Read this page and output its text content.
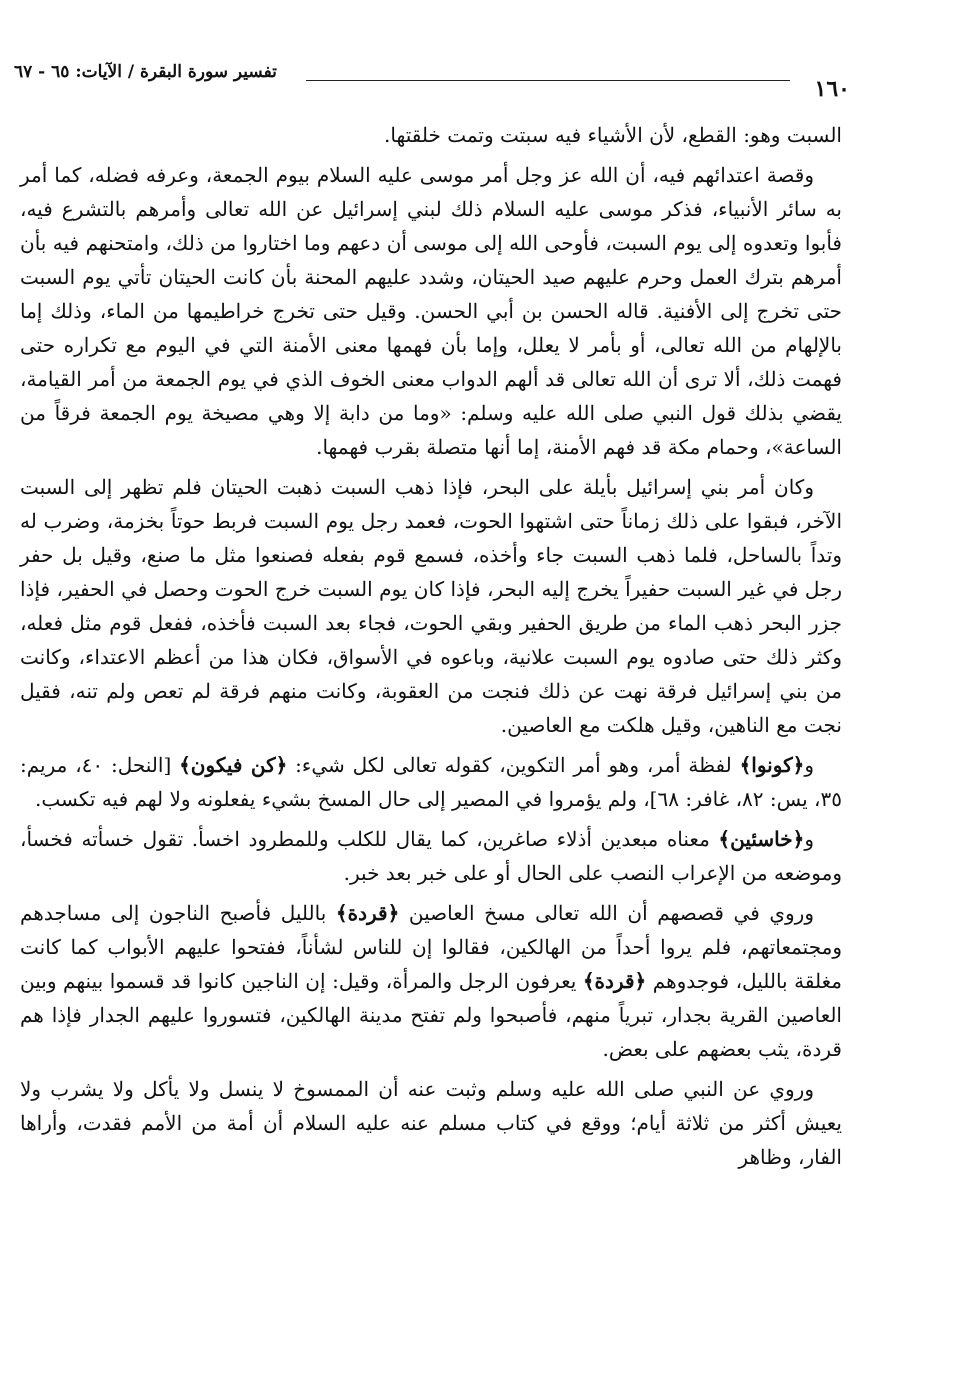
١٦٠
تفسير سورة البقرة / الآيات: ٦٥ - ٦٧

السبت وهو: القطع، لأن الأشياء فيه سبتت وتمت خلقتها.

وقصة اعتدائهم فيه، أن الله عز وجل أمر موسى عليه السلام بيوم الجمعة، وعرفه فضله، كما أمر به سائر الأنبياء، فذكر موسى عليه السلام ذلك لبني إسرائيل عن الله تعالى وأمرهم بالتشرع فيه، فأبوا وتعدوه إلى يوم السبت، فأوحى الله إلى موسى أن دعهم وما اختاروا من ذلك، وامتحنهم فيه بأن أمرهم بترك العمل وحرم عليهم صيد الحيتان، وشدد عليهم المحنة بأن كانت الحيتان تأتي يوم السبت حتى تخرج إلى الأفنية. قاله الحسن بن أبي الحسن. وقيل حتى تخرج خراطيمها من الماء، وذلك إما بالإلهام من الله تعالى، أو بأمر لا يعلل، وإما بأن فهمها معنى الأمنة التي في اليوم مع تكراره حتى فهمت ذلك، ألا ترى أن الله تعالى قد ألهم الدواب معنى الخوف الذي في يوم الجمعة من أمر القيامة، يقضي بذلك قول النبي صلى الله عليه وسلم: «وما من دابة إلا وهي مصيخة يوم الجمعة فرقاً من الساعة»، وحمام مكة قد فهم الأمنة، إما أنها متصلة بقرب فهمها.

وكان أمر بني إسرائيل بأيلة على البحر، فإذا ذهب السبت ذهبت الحيتان فلم تظهر إلى السبت الآخر، فبقوا على ذلك زماناً حتى اشتهوا الحوت، فعمد رجل يوم السبت فربط حوتاً بخزمة، وضرب له وتداً بالساحل، فلما ذهب السبت جاء وأخذه، فسمع قوم بفعله فصنعوا مثل ما صنع، وقيل بل حفر رجل في غير السبت حفيراً يخرج إليه البحر، فإذا كان يوم السبت خرج الحوت وحصل في الحفير، فإذا جزر البحر ذهب الماء من طريق الحفير وبقي الحوت، فجاء بعد السبت فأخذه، ففعل قوم مثل فعله، وكثر ذلك حتى صادوه يوم السبت علانية، وباعوه في الأسواق، فكان هذا من أعظم الاعتداء، وكانت من بني إسرائيل فرقة نهت عن ذلك فنجت من العقوبة، وكانت منهم فرقة لم تعص ولم تنه، فقيل نجت مع الناهين، وقيل هلكت مع العاصين.

و﴿كونوا﴾ لفظة أمر، وهو أمر التكوين، كقوله تعالى لكل شيء: ﴿كن فيكون﴾ [النحل: ٤٠، مريم: ٣٥، يس: ٨٢، غافر: ٦٨]، ولم يؤمروا في المصير إلى حال المسخ بشيء يفعلونه ولا لهم فيه تكسب.

و﴿خاسئين﴾ معناه مبعدين أذلاء صاغرين، كما يقال للكلب وللمطرود اخسأ. تقول خسأته فخسأ، وموضعه من الإعراب النصب على الحال أو على خبر بعد خبر.

وروي في قصصهم أن الله تعالى مسخ العاصين ﴿قردة﴾ بالليل فأصبح الناجون إلى مساجدهم ومجتمعاتهم، فلم يروا أحداً من الهالكين، فقالوا إن للناس لشأناً، ففتحوا عليهم الأبواب كما كانت مغلقة بالليل، فوجدوهم ﴿قردة﴾ يعرفون الرجل والمرأة، وقيل: إن الناجين كانوا قد قسموا بينهم وبين العاصين القرية بجدار، تبرياً منهم، فأصبحوا ولم تفتح مدينة الهالكين، فتسوروا عليهم الجدار فإذا هم قردة، يثب بعضهم على بعض.

وروي عن النبي صلى الله عليه وسلم وثبت عنه أن الممسوخ لا ينسل ولا يأكل ولا يشرب ولا يعيش أكثر من ثلاثة أيام؛ ووقع في كتاب مسلم عنه عليه السلام أن أمة من الأمم فقدت، وأراها الفار، وظاهر
